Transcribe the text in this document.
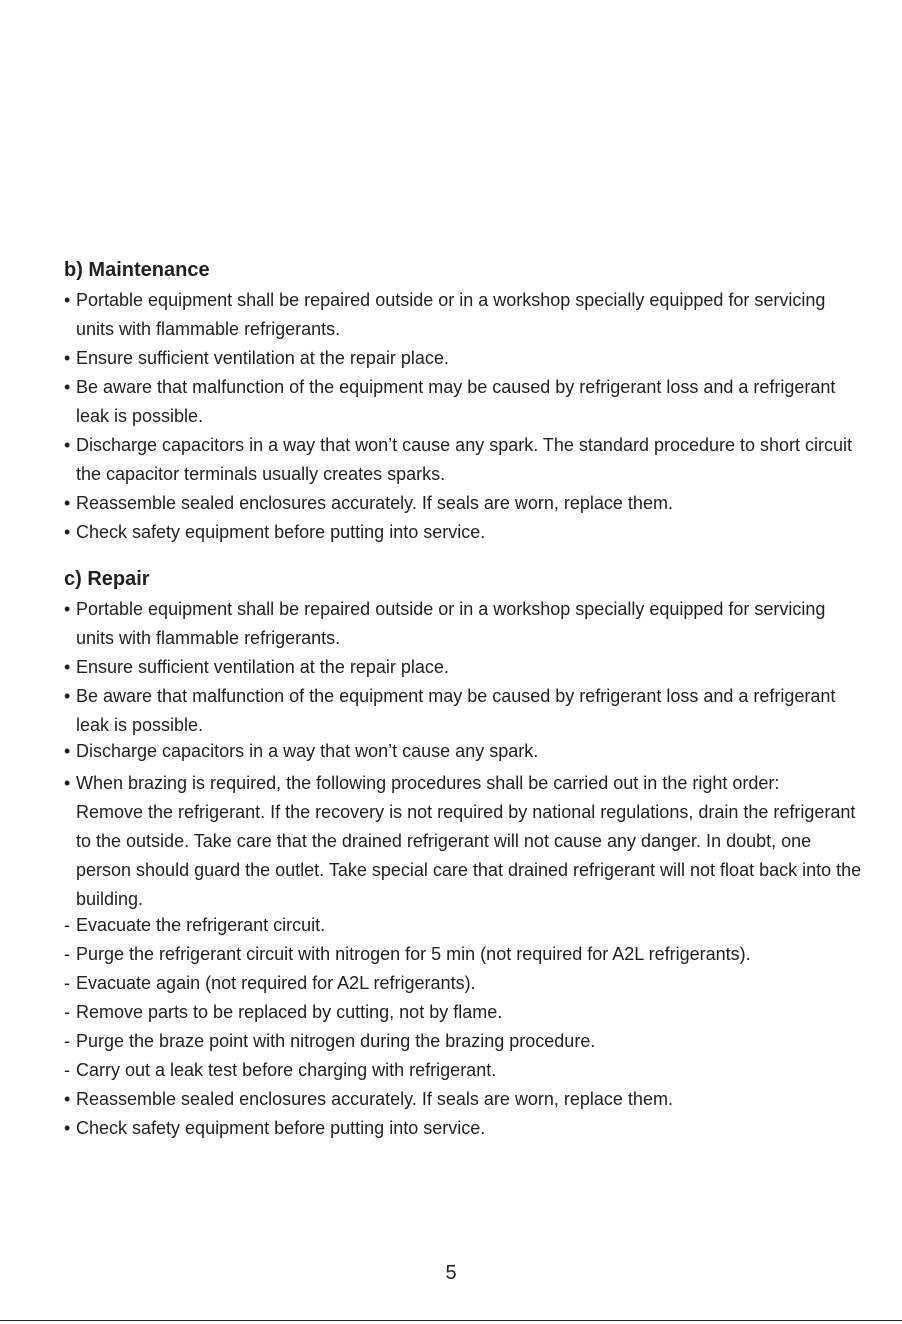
b) Maintenance
• Portable equipment shall be repaired outside or in a workshop specially equipped for servicing units with flammable refrigerants.
• Ensure sufficient ventilation at the repair place.
• Be aware that malfunction of the equipment may be caused by refrigerant loss and a refrigerant leak is possible.
• Discharge capacitors in a way that won’t cause any spark. The standard procedure to short circuit the capacitor terminals usually creates sparks.
• Reassemble sealed enclosures accurately. If seals are worn, replace them.
• Check safety equipment before putting into service.
c) Repair
• Portable equipment shall be repaired outside or in a workshop specially equipped for servicing units with flammable refrigerants.
• Ensure sufficient ventilation at the repair place.
• Be aware that malfunction of the equipment may be caused by refrigerant loss and a refrigerant leak is possible.
• Discharge capacitors in a way that won’t cause any spark.
• When brazing is required, the following procedures shall be carried out in the right order:
Remove the refrigerant. If the recovery is not required by national regulations, drain the refrigerant to the outside. Take care that the drained refrigerant will not cause any danger. In doubt, one person should guard the outlet. Take special care that drained refrigerant will not float back into the building.
- Evacuate the refrigerant circuit.
- Purge the refrigerant circuit with nitrogen for 5 min (not required for A2L refrigerants).
- Evacuate again (not required for A2L refrigerants).
- Remove parts to be replaced by cutting, not by flame.
- Purge the braze point with nitrogen during the brazing procedure.
- Carry out a leak test before charging with refrigerant.
• Reassemble sealed enclosures accurately. If seals are worn, replace them.
• Check safety equipment before putting into service.
5
